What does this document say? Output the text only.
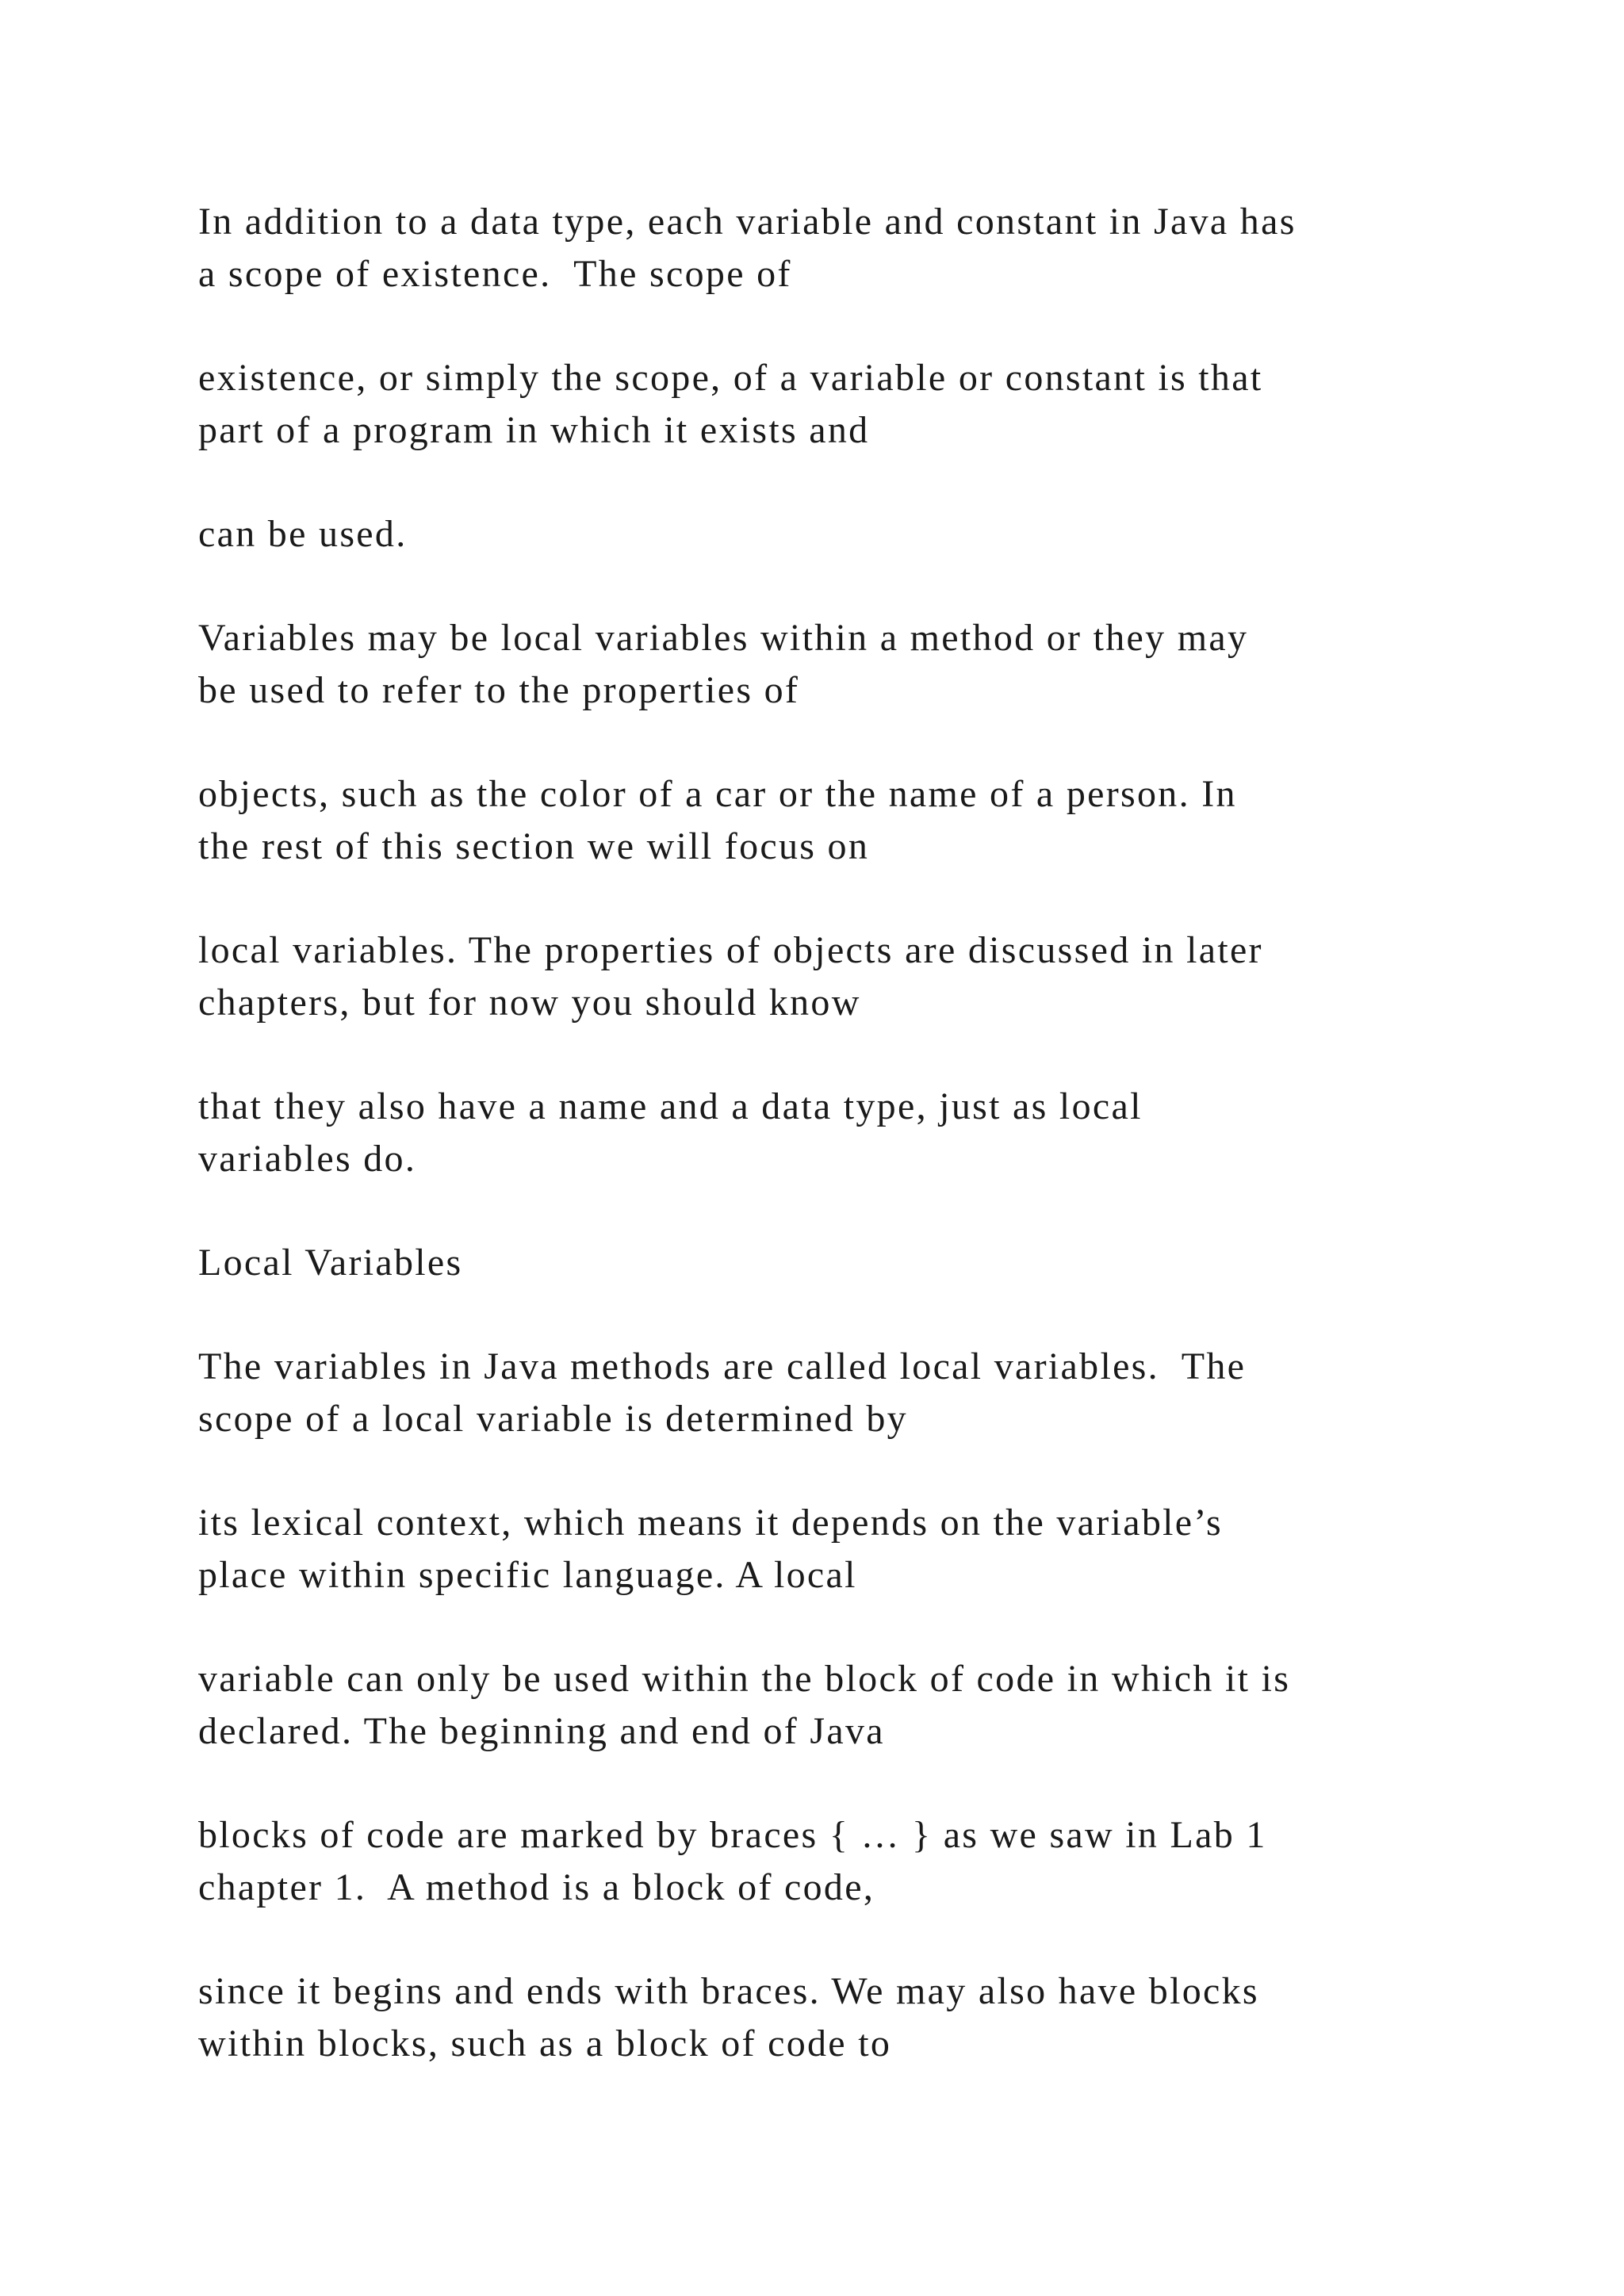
In addition to a data type, each variable and constant in Java has
a scope of existence.  The scope of

existence, or simply the scope, of a variable or constant is that
part of a program in which it exists and

can be used.

Variables may be local variables within a method or they may
be used to refer to the properties of

objects, such as the color of a car or the name of a person. In
the rest of this section we will focus on

local variables. The properties of objects are discussed in later
chapters, but for now you should know

that they also have a name and a data type, just as local
variables do.

Local Variables

The variables in Java methods are called local variables.  The
scope of a local variable is determined by

its lexical context, which means it depends on the variable’s
place within specific language. A local

variable can only be used within the block of code in which it is
declared. The beginning and end of Java

blocks of code are marked by braces { … } as we saw in Lab 1
chapter 1.  A method is a block of code,

since it begins and ends with braces. We may also have blocks
within blocks, such as a block of code to
